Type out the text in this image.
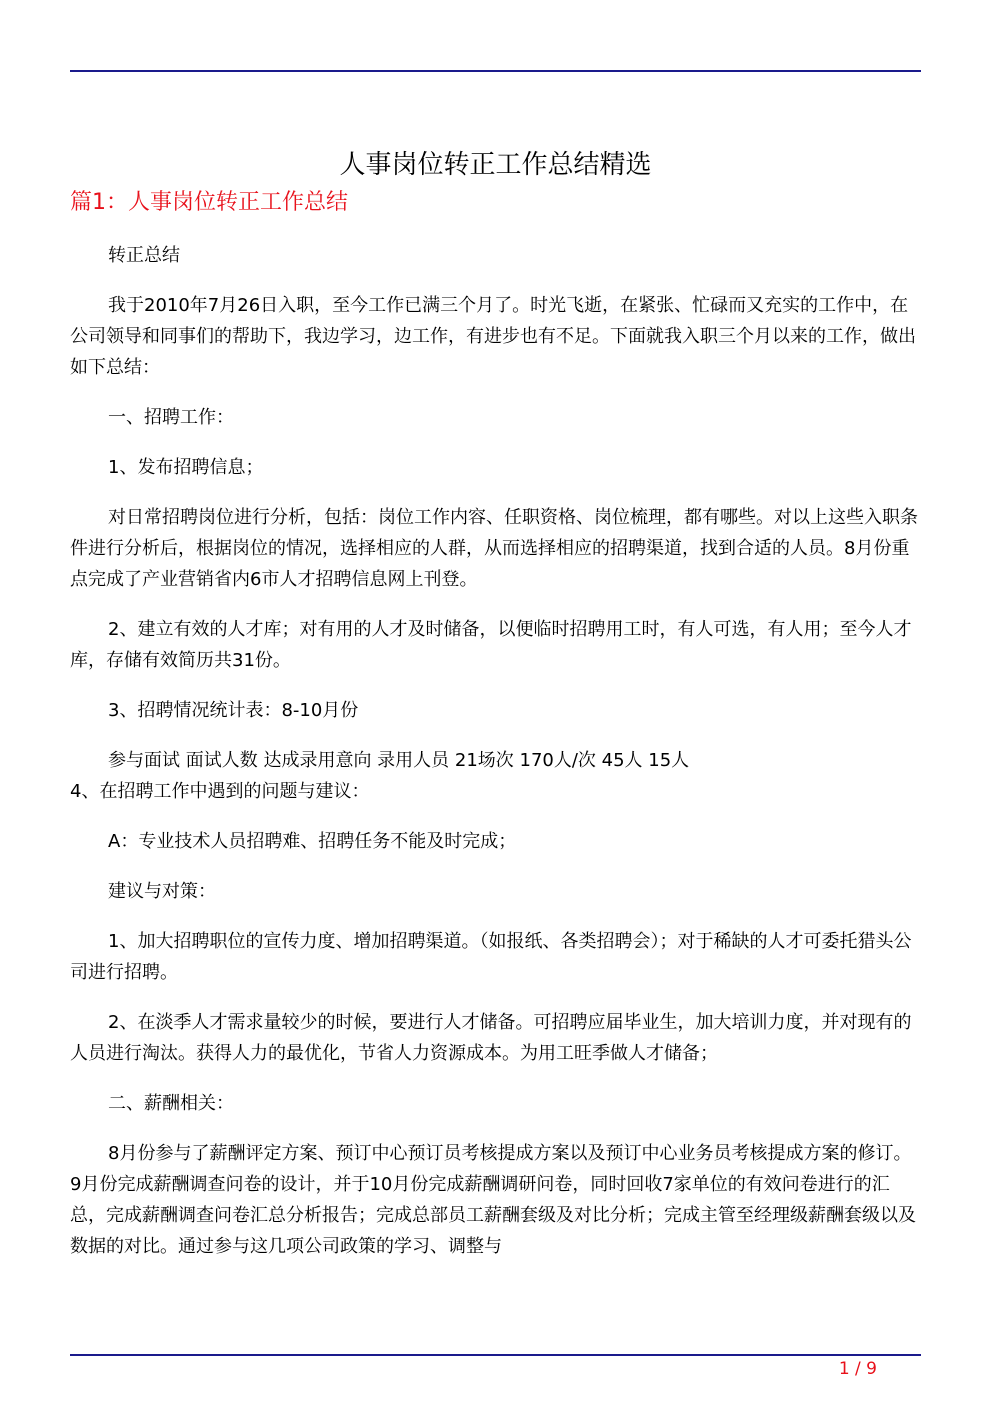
人事岗位转正工作总结精选
篇1：人事岗位转正工作总结

转正总结

我于2010年7月26日入职，至今工作已满三个月了。时光飞逝，在紧张、忙碌而又充实的工作中，在公司领导和同事们的帮助下，我边学习，边工作，有进步也有不足。下面就我入职三个月以来的工作，做出如下总结：

一、招聘工作：

1、发布招聘信息；

对日常招聘岗位进行分析，包括：岗位工作内容、任职资格、岗位梳理，都有哪些。对以上这些入职条件进行分析后，根据岗位的情况，选择相应的人群，从而选择相应的招聘渠道，找到合适的人员。8月份重点完成了产业营销省内6市人才招聘信息网上刊登。

2、建立有效的人才库；对有用的人才及时储备，以便临时招聘用工时，有人可选，有人用；至今人才库，存储有效简历共31份。

3、招聘情况统计表：8-10月份

参与面试 面试人数 达成录用意向 录用人员 21场次 170人/次 45人 15人

4、在招聘工作中遇到的问题与建议：

A：专业技术人员招聘难、招聘任务不能及时完成；

建议与对策：

1、加大招聘职位的宣传力度、增加招聘渠道。（如报纸、各类招聘会）；对于稀缺的人才可委托猎头公司进行招聘。

2、在淡季人才需求量较少的时候，要进行人才储备。可招聘应届毕业生，加大培训力度，并对现有的人员进行淘汰。获得人力的最优化，节省人力资源成本。为用工旺季做人才储备；

二、薪酬相关：

8月份参与了薪酬评定方案、预订中心预订员考核提成方案以及预订中心业务员考核提成方案的修订。9月份完成薪酬调查问卷的设计，并于10月份完成薪酬调研问卷，同时回收7家单位的有效问卷进行的汇总，完成薪酬调查问卷汇总分析报告；完成总部员工薪酬套级及对比分析；完成主管至经理级薪酬套级以及数据的对比。通过参与这几项公司政策的学习、调整与

1 / 9
